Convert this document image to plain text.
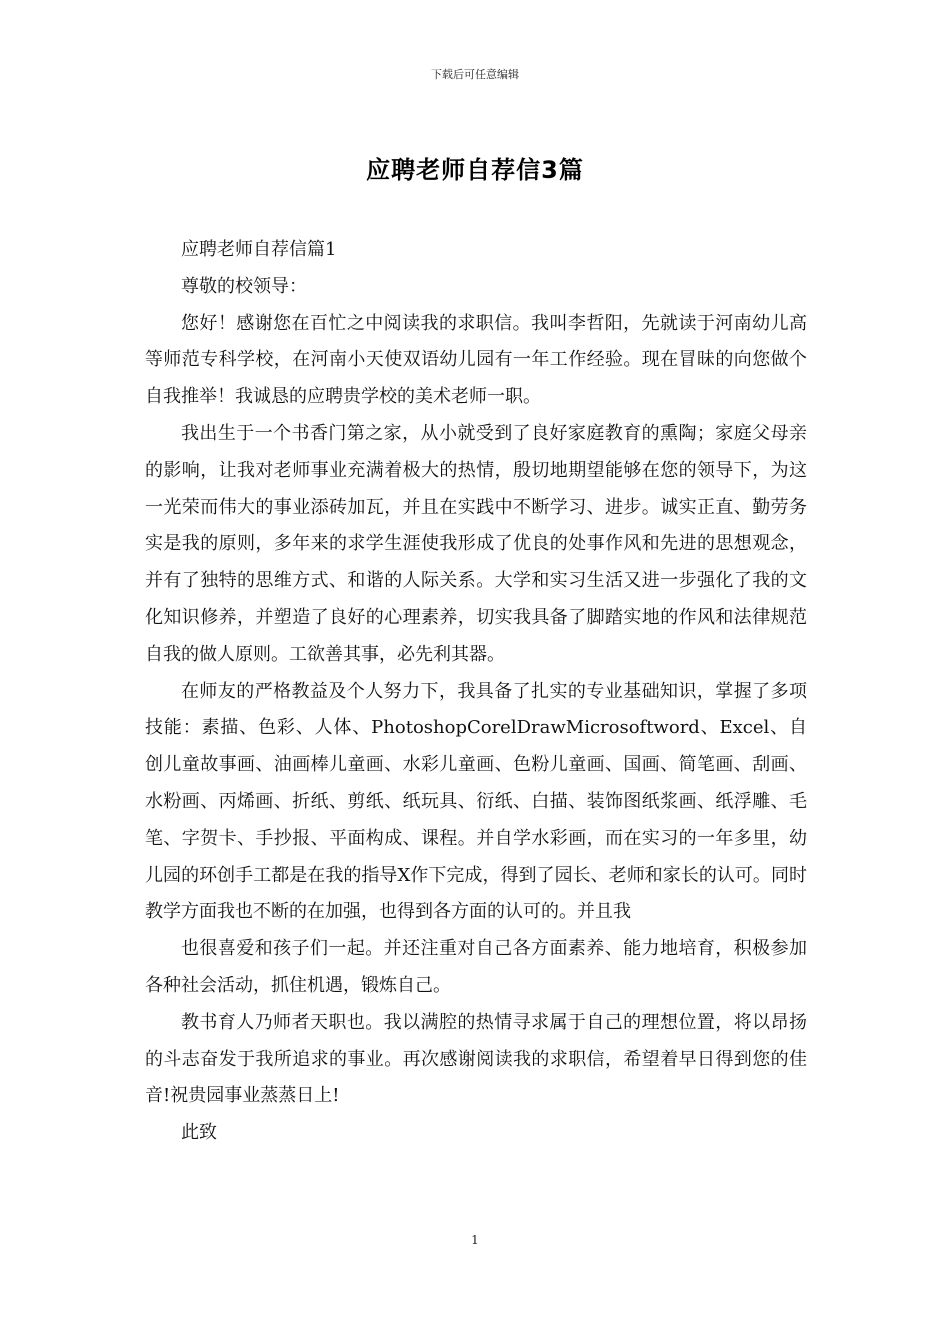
下载后可任意编辑
应聘老师自荐信3篇

应聘老师自荐信篇1

尊敬的校领导：

您好！感谢您在百忙之中阅读我的求职信。我叫李哲阳，先就读于河南幼儿高等师范专科学校，在河南小天使双语幼儿园有一年工作经验。现在冒昧的向您做个自我推举！我诚恳的应聘贵学校的美术老师一职。

我出生于一个书香门第之家，从小就受到了良好家庭教育的熏陶；家庭父母亲的影响，让我对老师事业充满着极大的热情，殷切地期望能够在您的领导下，为这一光荣而伟大的事业添砖加瓦，并且在实践中不断学习、进步。诚实正直、勤劳务实是我的原则，多年来的求学生涯使我形成了优良的处事作风和先进的思想观念，并有了独特的思维方式、和谐的人际关系。大学和实习生活又进一步强化了我的文化知识修养，并塑造了良好的心理素养，切实我具备了脚踏实地的作风和法律规范自我的做人原则。工欲善其事，必先利其器。

在师友的严格教益及个人努力下，我具备了扎实的专业基础知识，掌握了多项技能：素描、色彩、人体、PhotoshopCorelDrawMicrosoftword、Excel、自创儿童故事画、油画棒儿童画、水彩儿童画、色粉儿童画、国画、简笔画、刮画、水粉画、丙烯画、折纸、剪纸、纸玩具、衍纸、白描、装饰图纸浆画、纸浮雕、毛笔、字贺卡、手抄报、平面构成、课程。并自学水彩画，而在实习的一年多里，幼儿园的环创手工都是在我的指导X作下完成，得到了园长、老师和家长的认可。同时教学方面我也不断的在加强，也得到各方面的认可的。并且我

也很喜爱和孩子们一起。并还注重对自己各方面素养、能力地培育，积极参加各种社会活动，抓住机遇，锻炼自己。

教书育人乃师者天职也。我以满腔的热情寻求属于自己的理想位置，将以昂扬的斗志奋发于我所追求的事业。再次感谢阅读我的求职信，希望着早日得到您的佳音!祝贵园事业蒸蒸日上!

此致

1
